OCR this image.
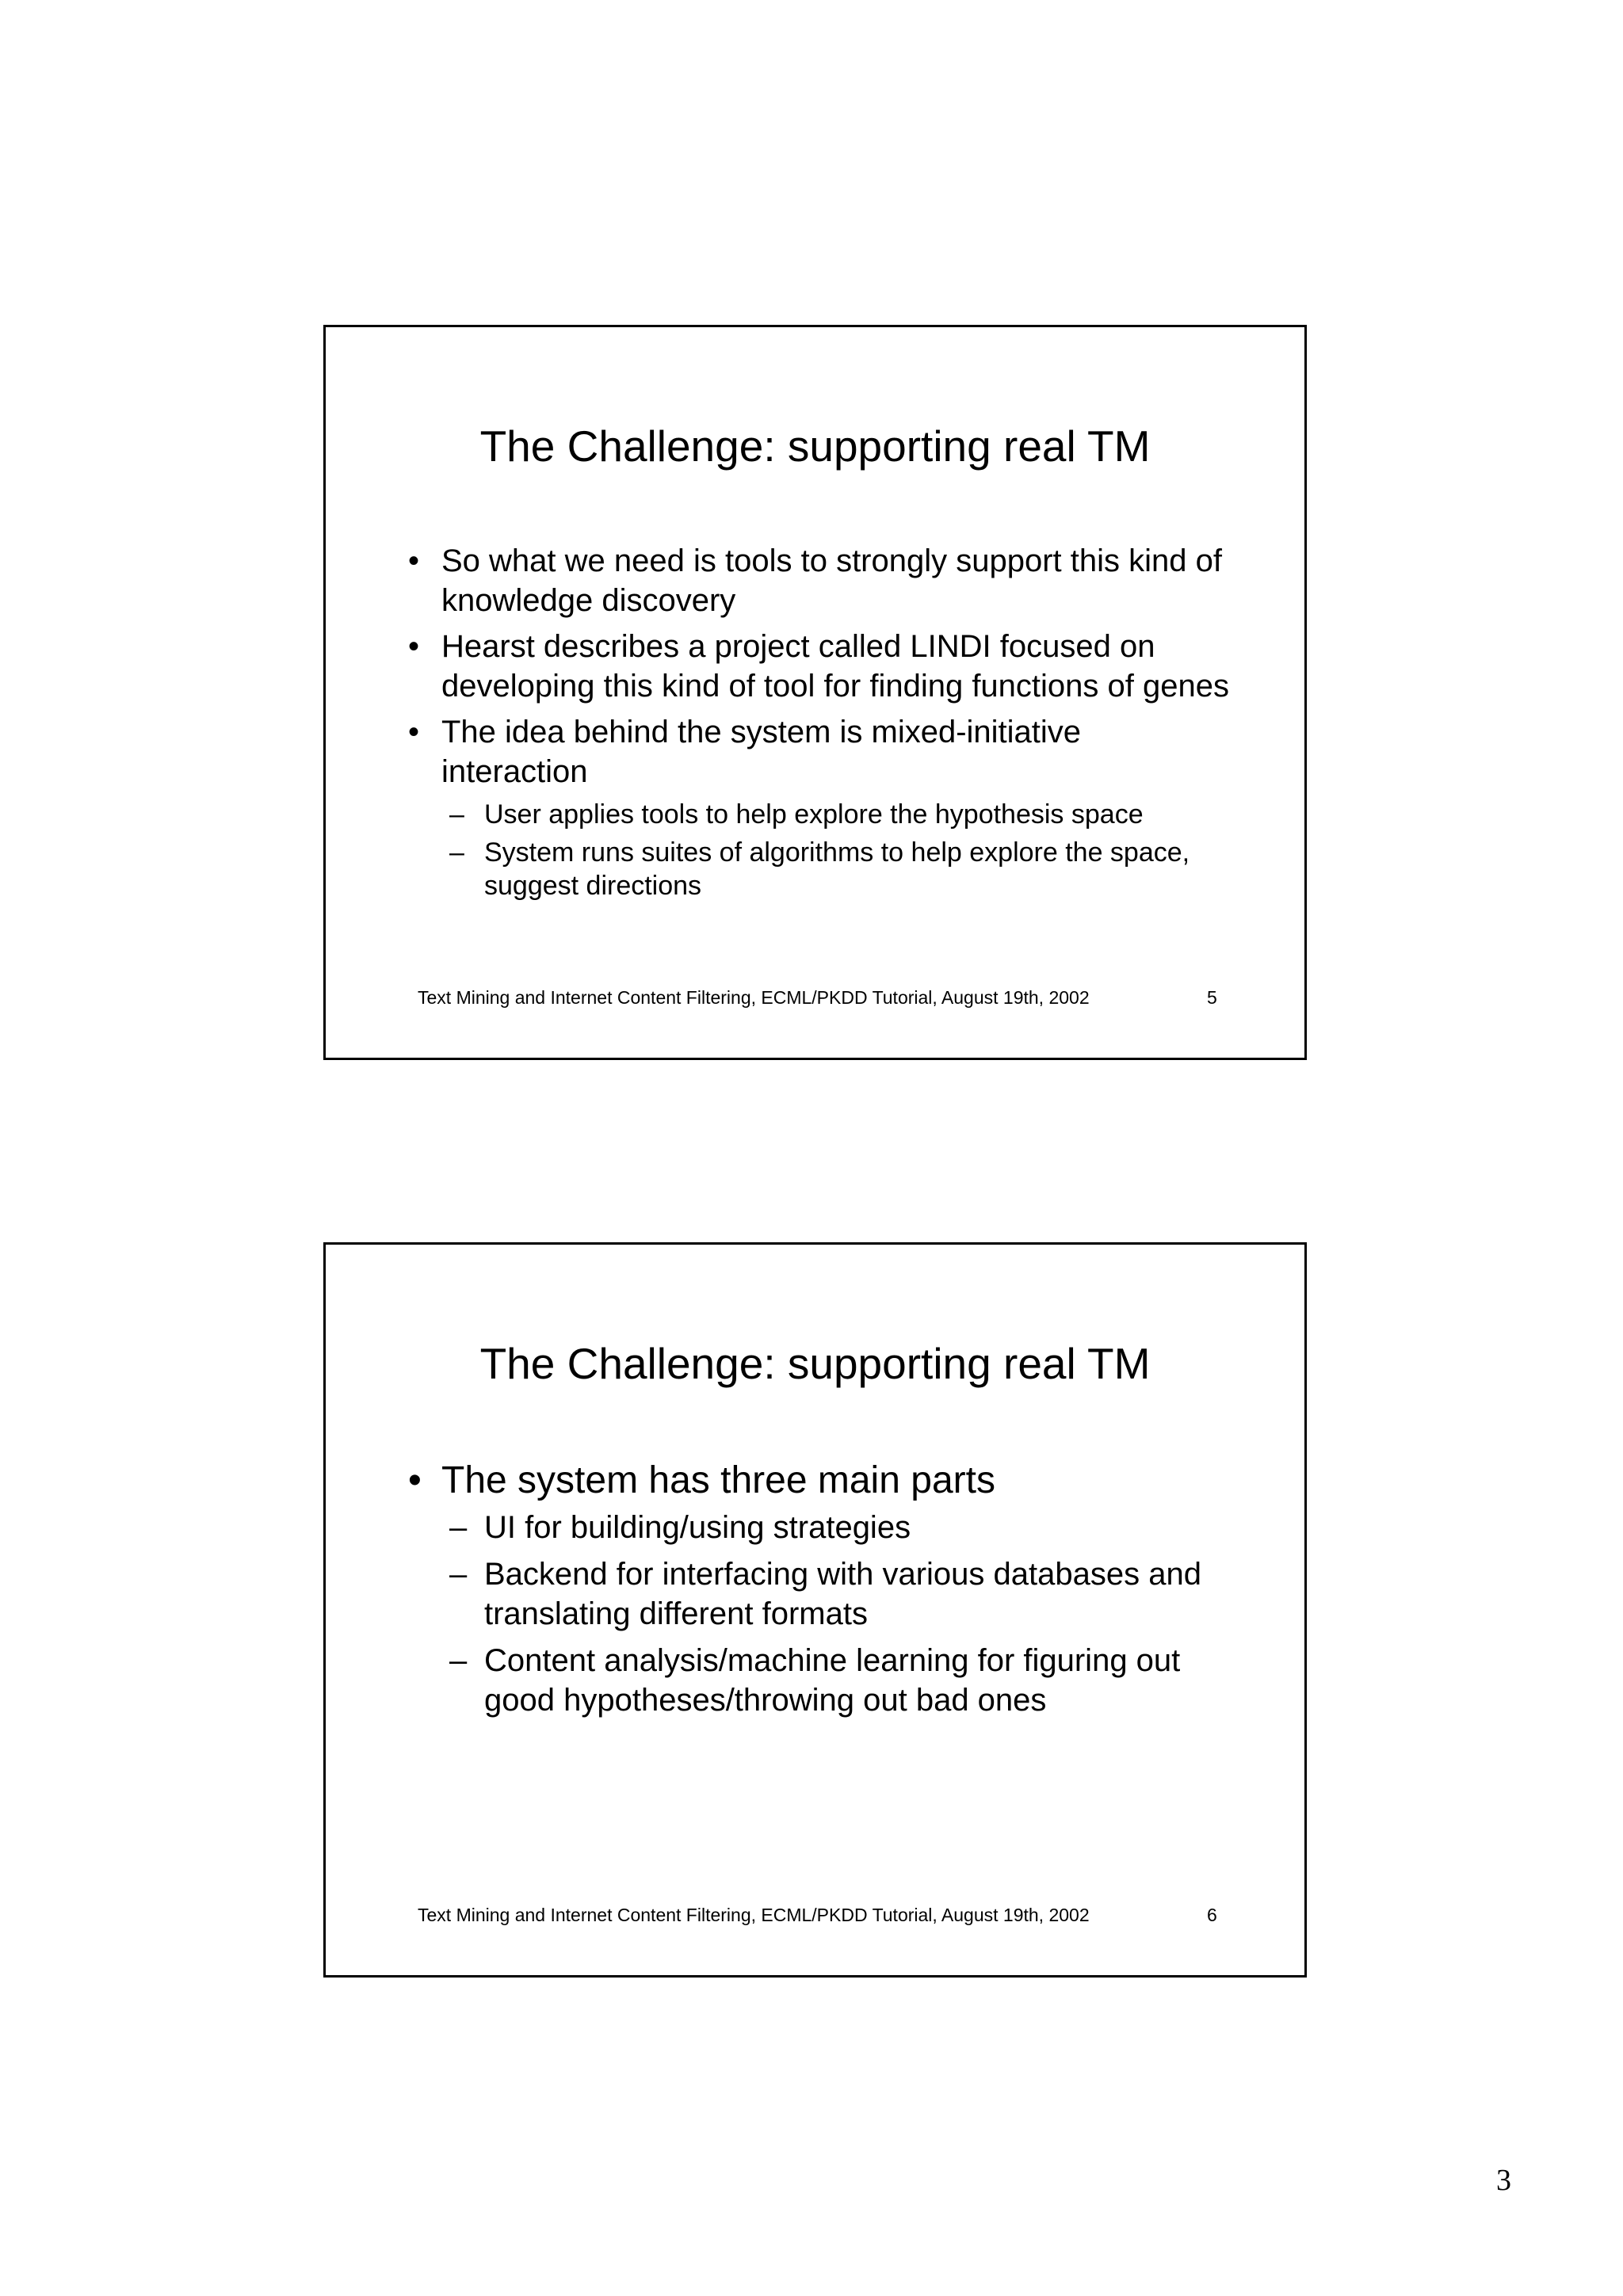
The Challenge: supporting real TM
• So what we need is tools to strongly support this kind of knowledge discovery
• Hearst describes a project called LINDI focused on developing this kind of tool for finding functions of genes
• The idea behind the system is mixed-initiative interaction
– User applies tools to help explore the hypothesis space
– System runs suites of algorithms to help explore the space, suggest directions
Text Mining and Internet Content Filtering, ECML/PKDD Tutorial, August 19th, 2002	5
The Challenge: supporting real TM
• The system has three main parts
– UI for building/using strategies
– Backend for interfacing with various databases and translating different formats
– Content analysis/machine learning for figuring out good hypotheses/throwing out bad ones
Text Mining and Internet Content Filtering, ECML/PKDD Tutorial, August 19th, 2002	6
3
